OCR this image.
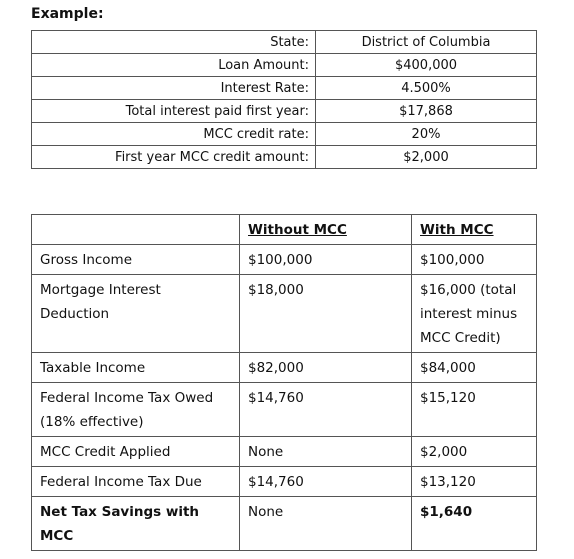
Example:
State:	District of Columbia
Loan Amount:	$400,000
Interest Rate:	4.500%
Total interest paid first year:	$17,868
MCC credit rate:	20%
First year MCC credit amount:	$2,000
	Without MCC	With MCC
Gross Income	$100,000	$100,000
Mortgage Interest Deduction	$18,000	$16,000 (total interest minus MCC Credit)
Taxable Income	$82,000	$84,000
Federal Income Tax Owed (18% effective)	$14,760	$15,120
MCC Credit Applied	None	$2,000
Federal Income Tax Due	$14,760	$13,120
Net Tax Savings with MCC	None	$1,640
